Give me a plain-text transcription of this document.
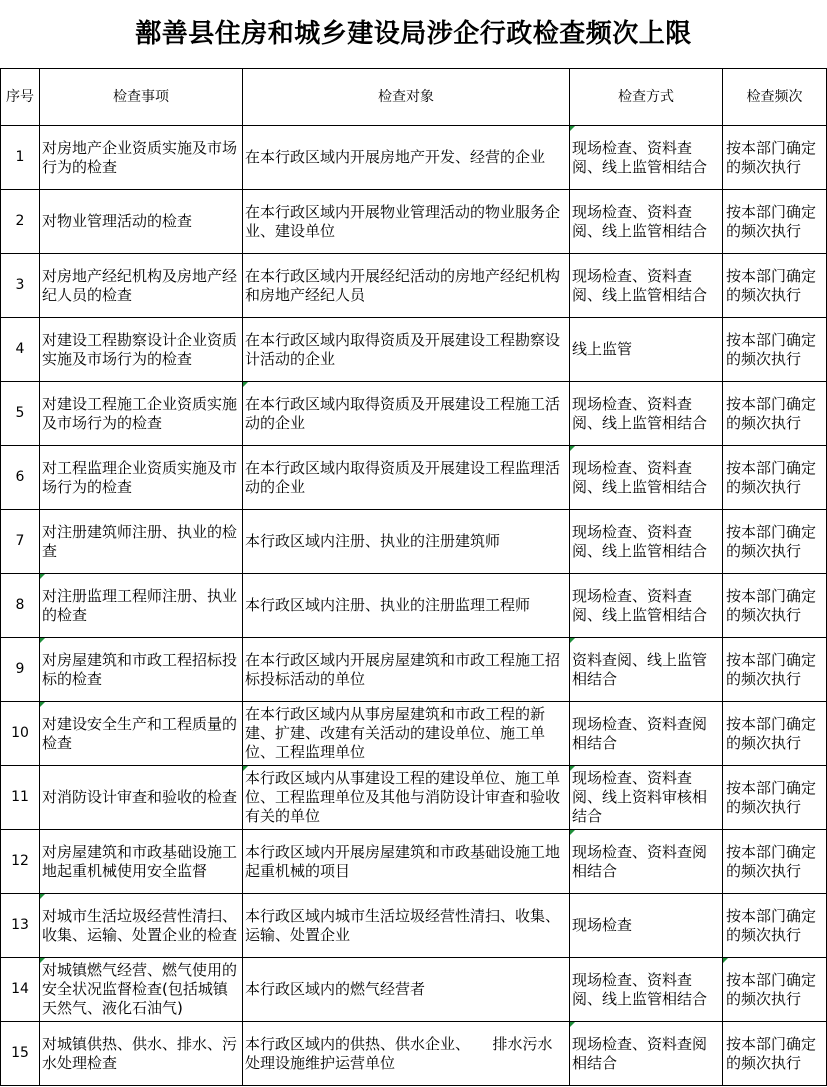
鄯善县住房和城乡建设局涉企行政检查频次上限
序号	检查事项	检查对象	检查方式	检查频次
1	对房地产企业资质实施及市场行为的检查	在本行政区域内开展房地产开发、经营的企业	现场检查、资料查阅、线上监管相结合	按本部门确定的频次执行
2	对物业管理活动的检查	在本行政区域内开展物业管理活动的物业服务企业、建设单位	现场检查、资料查阅、线上监管相结合	按本部门确定的频次执行
3	对房地产经纪机构及房地产经纪人员的检查	在本行政区域内开展经纪活动的房地产经纪机构和房地产经纪人员	现场检查、资料查阅、线上监管相结合	按本部门确定的频次执行
4	对建设工程勘察设计企业资质实施及市场行为的检查	在本行政区域内取得资质及开展建设工程勘察设计活动的企业	线上监管	按本部门确定的频次执行
5	对建设工程施工企业资质实施及市场行为的检查	在本行政区域内取得资质及开展建设工程施工活动的企业	现场检查、资料查阅、线上监管相结合	按本部门确定的频次执行
6	对工程监理企业资质实施及市场行为的检查	在本行政区域内取得资质及开展建设工程监理活动的企业	现场检查、资料查阅、线上监管相结合	按本部门确定的频次执行
7	对注册建筑师注册、执业的检查	本行政区域内注册、执业的注册建筑师	现场检查、资料查阅、线上监管相结合	按本部门确定的频次执行
8	对注册监理工程师注册、执业的检查	本行政区域内注册、执业的注册监理工程师	现场检查、资料查阅、线上监管相结合	按本部门确定的频次执行
9	对房屋建筑和市政工程招标投标的检查	在本行政区域内开展房屋建筑和市政工程施工招标投标活动的单位	资料查阅、线上监管相结合	按本部门确定的频次执行
10	对建设安全生产和工程质量的检查	在本行政区域内从事房屋建筑和市政工程的新建、扩建、改建有关活动的建设单位、施工单位、工程监理单位	现场检查、资料查阅相结合	按本部门确定的频次执行
11	对消防设计审查和验收的检查	本行政区域内从事建设工程的建设单位、施工单位、工程监理单位及其他与消防设计审查和验收有关的单位	现场检查、资料查阅、线上资料审核相结合	按本部门确定的频次执行
12	对房屋建筑和市政基础设施工地起重机械使用安全监督	本行政区域内开展房屋建筑和市政基础设施工地起重机械的项目	现场检查、资料查阅相结合	按本部门确定的频次执行
13	对城市生活垃圾经营性清扫、收集、运输、处置企业的检查	本行政区域内城市生活垃圾经营性清扫、收集、运输、处置企业	现场检查	按本部门确定的频次执行
14	对城镇燃气经营、燃气使用的安全状况监督检查(包括城镇天然气、液化石油气)	本行政区域内的燃气经营者	现场检查、资料查阅、线上监管相结合	按本部门确定的频次执行

15	对城镇供热、供水、排水、污水处理检查	本行政区域内的供热、供水企业、　　排水污水处理设施维护运营单位	现场检查、资料查阅相结合	按本部门确定的频次执行
